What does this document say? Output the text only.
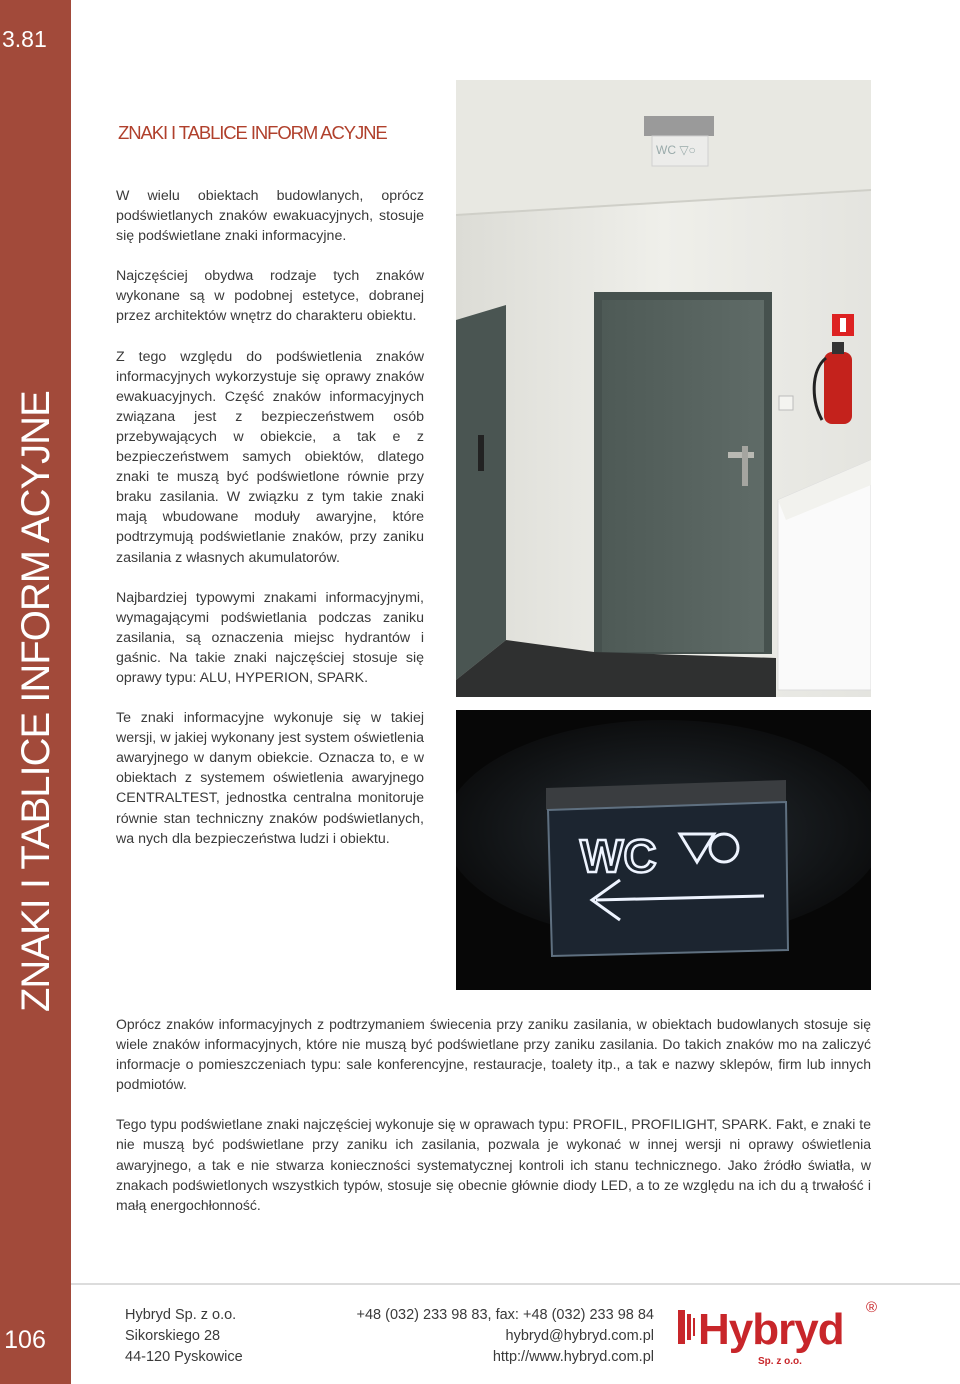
3.81
ZNAKI I TABLICE INFORM ACYJNE
106
ZNAKI I TABLICE INFORM ACYJNE

W wielu obiektach budowlanych, oprócz podświetlanych znaków ewakuacyjnych, stosuje się podświetlane znaki informacyjne.

Najczęściej obydwa rodzaje tych znaków wykonane są w podobnej estetyce, dobranej przez architektów wnętrz do charakteru obiektu.

Z tego względu do podświetlenia znaków informacyjnych wykorzystuje się oprawy znaków ewakuacyjnych. Część znaków informacyjnych związana jest z bezpieczeństwem osób przebywających w obiekcie, a tak e z bezpieczeństwem samych obiektów, dlatego znaki te muszą być podświetlone równie przy braku zasilania. W związku z tym takie znaki mają wbudowane moduły awaryjne, które podtrzymują podświetlanie znaków, przy zaniku zasilania z własnych akumulatorów.

Najbardziej typowymi znakami informacyjnymi, wymagającymi podświetlania podczas zaniku zasilania, są oznaczenia miejsc hydrantów i gaśnic. Na takie znaki najczęściej stosuje się oprawy typu: ALU, HYPERION, SPARK.

Te znaki informacyjne wykonuje się w takiej wersji, w jakiej wykonany jest system oświetlenia awaryjnego w danym obiekcie. Oznacza to, e w obiektach z systemem oświetlenia awaryjnego CENTRALTEST, jednostka centralna monitoruje równie stan techniczny znaków podświetlanych, wa nych dla bezpieczeństwa ludzi i obiektu.

WC ▽○
WC

Oprócz znaków informacyjnych z podtrzymaniem świecenia przy zaniku zasilania, w obiektach budowlanych stosuje się wiele znaków informacyjnych, które nie muszą być podświetlane przy zaniku zasilania. Do takich znaków mo na zaliczyć informacje o pomieszczeniach typu: sale konferencyjne, restauracje, toalety itp., a tak e nazwy sklepów, firm lub innych podmiotów.

Tego typu podświetlane znaki najczęściej wykonuje się w oprawach typu: PROFIL, PROFILIGHT, SPARK. Fakt, e znaki te nie muszą być podświetlane przy zaniku ich zasilania, pozwala je wykonać w innej wersji ni oprawy oświetlenia awaryjnego, a tak e nie stwarza konieczności systematycznej kontroli ich stanu technicznego. Jako źródło światła, w znakach podświetlonych wszystkich typów, stosuje się obecnie głównie diody LED, a to ze względu na ich du ą trwałość i małą energochłonność.

Hybryd Sp. z o.o.
Sikorskiego 28
44-120 Pyskowice
+48 (032) 233 98 83, fax: +48 (032) 233 98 84
hybryd@hybryd.com.pl
http://www.hybryd.com.pl
Hybryd ®
Sp. z o.o.
